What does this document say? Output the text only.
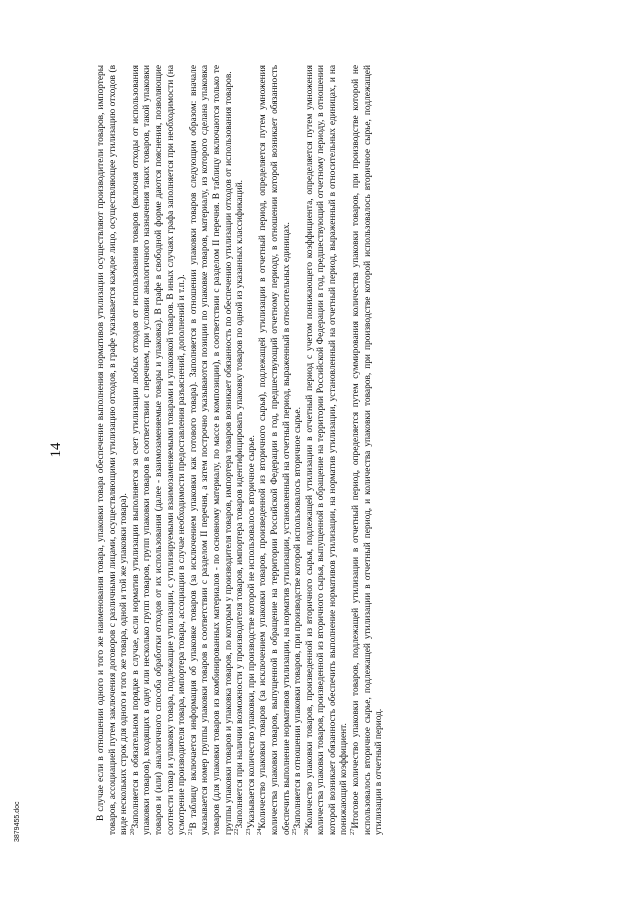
14	В случае если в отношении одного и того же наименования товара, упаковки товара обеспечение выполнения нормативов утилизации осуществляют производители товаров, импортеры товаров, ассоциацией путем заключения договоров с различными лицами, осуществляющими утилизацию отходов, в графе указывается каждое лицо, осуществляющее утилизацию отходов (в виде нескольких строк для одного и того же товара, одной и той же упаковки товара). $^{20}$Заполняется в обязательном порядке в случае, если норматив утилизации выполняется за счет утилизации любых отходов от использования товаров (включая отходы от использования упаковки товаров), входящих в одну или несколько групп товаров, групп упаковки товаров в соответствии с перечнем, при условии аналогичного назначения таких товаров, такой упаковки товаров и (или) аналогичного способа обработки отходов от их использования (далее - взаимозаменяемые товары и упаковка). В графе в свободной форме даются пояснения, позволяющие соотнести товар и упаковку товара, подлежащие утилизации, с утилизируемыми взаимозаменяемыми товарами и упаковкой товаров. В иных случаях графа заполняется при необходимости (на усмотрение производителя товара, импортера товара, ассоциации в случае необходимости предоставления разъяснений, дополнений и т.п.). $^{21}$В таблицу включается информация об упаковке товаров (за исключением упаковки как готового товара). Заполняется в отношении упаковки товаров следующим образом: вначале указывается номер группы упаковки товаров в соответствии с разделом II перечня, а затем построчно указываются позиции по упаковке товаров, материалу, из которого сделана упаковка товаров (для упаковки товаров из комбинированных материалов - по основному материалу, по массе в композиции), в соответствии с разделом II перечня. В таблицу включаются только те группы упаковки товаров и упаковка товаров, по которым у производителя товаров, импортера товаров возникает обязанность по обеспечению утилизации отходов от использования товаров. $^{22}$Заполняется при наличии возможности у производителя товаров, импортера товаров идентифицировать упаковку товаров по одной из указанных классификаций.

$^{23}$Указывается количество упаковки, при производстве которой не использовалось вторичное сырье.

$^{24}$Количество упаковки товаров (за исключением упаковки товаров, произведенной из вторичного сырья), подлежащей утилизации в отчетный период, определяется путем умножения количества упаковки товаров, выпущенной в обращение на территории Российской Федерации в год, предшествующий отчетному периоду, в отношении которой возникает обязанность обеспечить выполнение нормативов утилизации, на норматив утилизации, установленный на отчетный период, выраженный в относительных единицах. $^{25}$Заполняется в отношении упаковки товаров, при производстве которой использовалось вторичное сырье.

$^{26}$Количество упаковки товаров, произведенной из вторичного сырья, подлежащей утилизации в отчетный период с учетом понижающего коэффициента, определяется путем умножения количества упаковки товаров, произведенной из вторичного сырья, выпущенной в обращение на территории Российской Федерации в год, предшествующий отчетному периоду, в отношении которой возникает обязанность обеспечить выполнение нормативов утилизации, на норматив утилизации, установленный на отчетный период, выраженный в относительных единицах, и на понижающий коэффициент. $^{27}$Итоговое количество упаковки товаров, подлежащей утилизации в отчетный период, определяется путем суммирования количества упаковки товаров, при производстве которой не использовалось вторичное сырье, подлежащей утилизации в отчетный период, и количества упаковки товаров, при производстве которой использовалось вторичное сырье, подлежащей утилизации в отчетный период.

3879455.doc
